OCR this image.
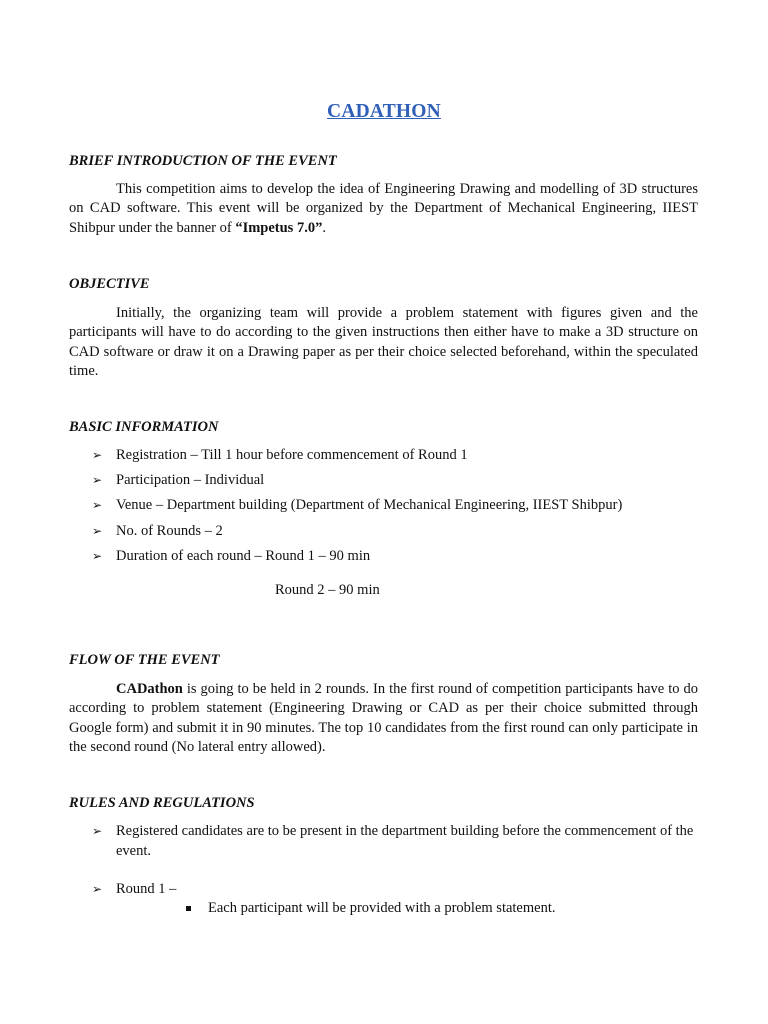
CADATHON
BRIEF INTRODUCTION OF THE EVENT
This competition aims to develop the idea of Engineering Drawing and modelling of 3D structures on CAD software. This event will be organized by the Department of Mechanical Engineering, IIEST Shibpur under the banner of “Impetus 7.0”.
OBJECTIVE
Initially, the organizing team will provide a problem statement with figures given and the participants will have to do according to the given instructions then either have to make a 3D structure on CAD software or draw it on a Drawing paper as per their choice selected beforehand, within the speculated time.
BASIC INFORMATION
➢ Registration – Till 1 hour before commencement of Round 1
➢ Participation – Individual
➢ Venue – Department building (Department of Mechanical Engineering, IIEST Shibpur)
➢ No. of Rounds – 2
➢ Duration of each round – Round 1 – 90 min
Round 2 – 90 min
FLOW OF THE EVENT
CADathon is going to be held in 2 rounds. In the first round of competition participants have to do according to problem statement (Engineering Drawing or CAD as per their choice submitted through Google form) and submit it in 90 minutes. The top 10 candidates from the first round can only participate in the second round (No lateral entry allowed).
RULES AND REGULATIONS
➢ Registered candidates are to be present in the department building before the commencement of the event.
➢ Round 1 –
Each participant will be provided with a problem statement.
